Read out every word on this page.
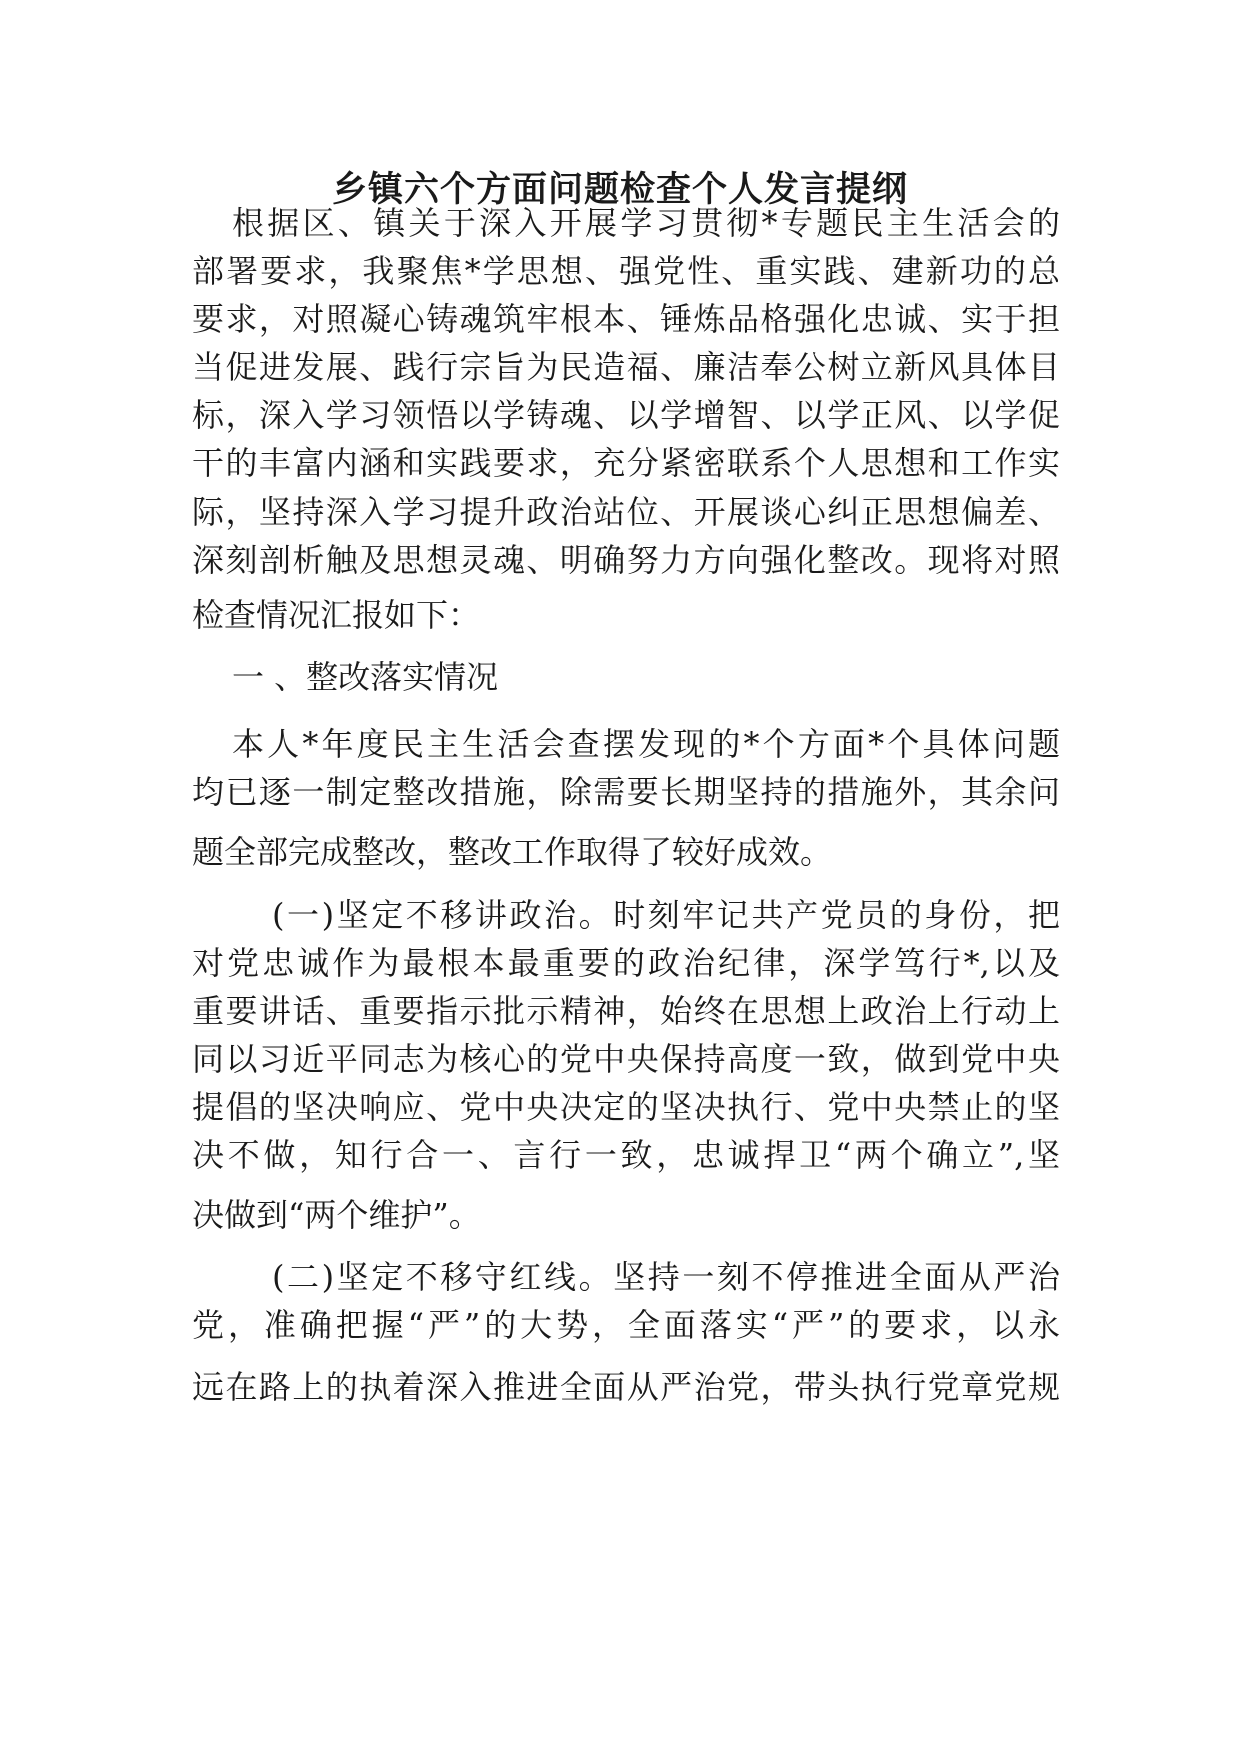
乡镇六个方面问题检查个人发言提纲
根据区、镇关于深入开展学习贯彻*专题民主生活会的
部署要求，我聚焦*学思想、强党性、重实践、建新功的总
要求，对照凝心铸魂筑牢根本、锤炼品格强化忠诚、实于担
当促进发展、践行宗旨为民造福、廉洁奉公树立新风具体目
标，深入学习领悟以学铸魂、以学增智、以学正风、以学促
干的丰富内涵和实践要求，充分紧密联系个人思想和工作实
际，坚持深入学习提升政治站位、开展谈心纠正思想偏差、
深刻剖析触及思想灵魂、明确努力方向强化整改。现将对照
检查情况汇报如下：
一 、整改落实情况
本人*年度民主生活会查摆发现的*个方面*个具体问题
均已逐一制定整改措施，除需要长期坚持的措施外，其余问
题全部完成整改，整改工作取得了较好成效。
(一)坚定不移讲政治。时刻牢记共产党员的身份，把
对党忠诚作为最根本最重要的政治纪律，深学笃行*,以及
重要讲话、重要指示批示精神，始终在思想上政治上行动上
同以习近平同志为核心的党中央保持高度一致，做到党中央
提倡的坚决响应、党中央决定的坚决执行、党中央禁止的坚
决不做，知行合一、言行一致，忠诚捍卫“两个确立”,坚
决做到“两个维护”。
(二)坚定不移守红线。坚持一刻不停推进全面从严治
党，准确把握“严”的大势，全面落实“严”的要求，以永
远在路上的执着深入推进全面从严治党，带头执行党章党规
